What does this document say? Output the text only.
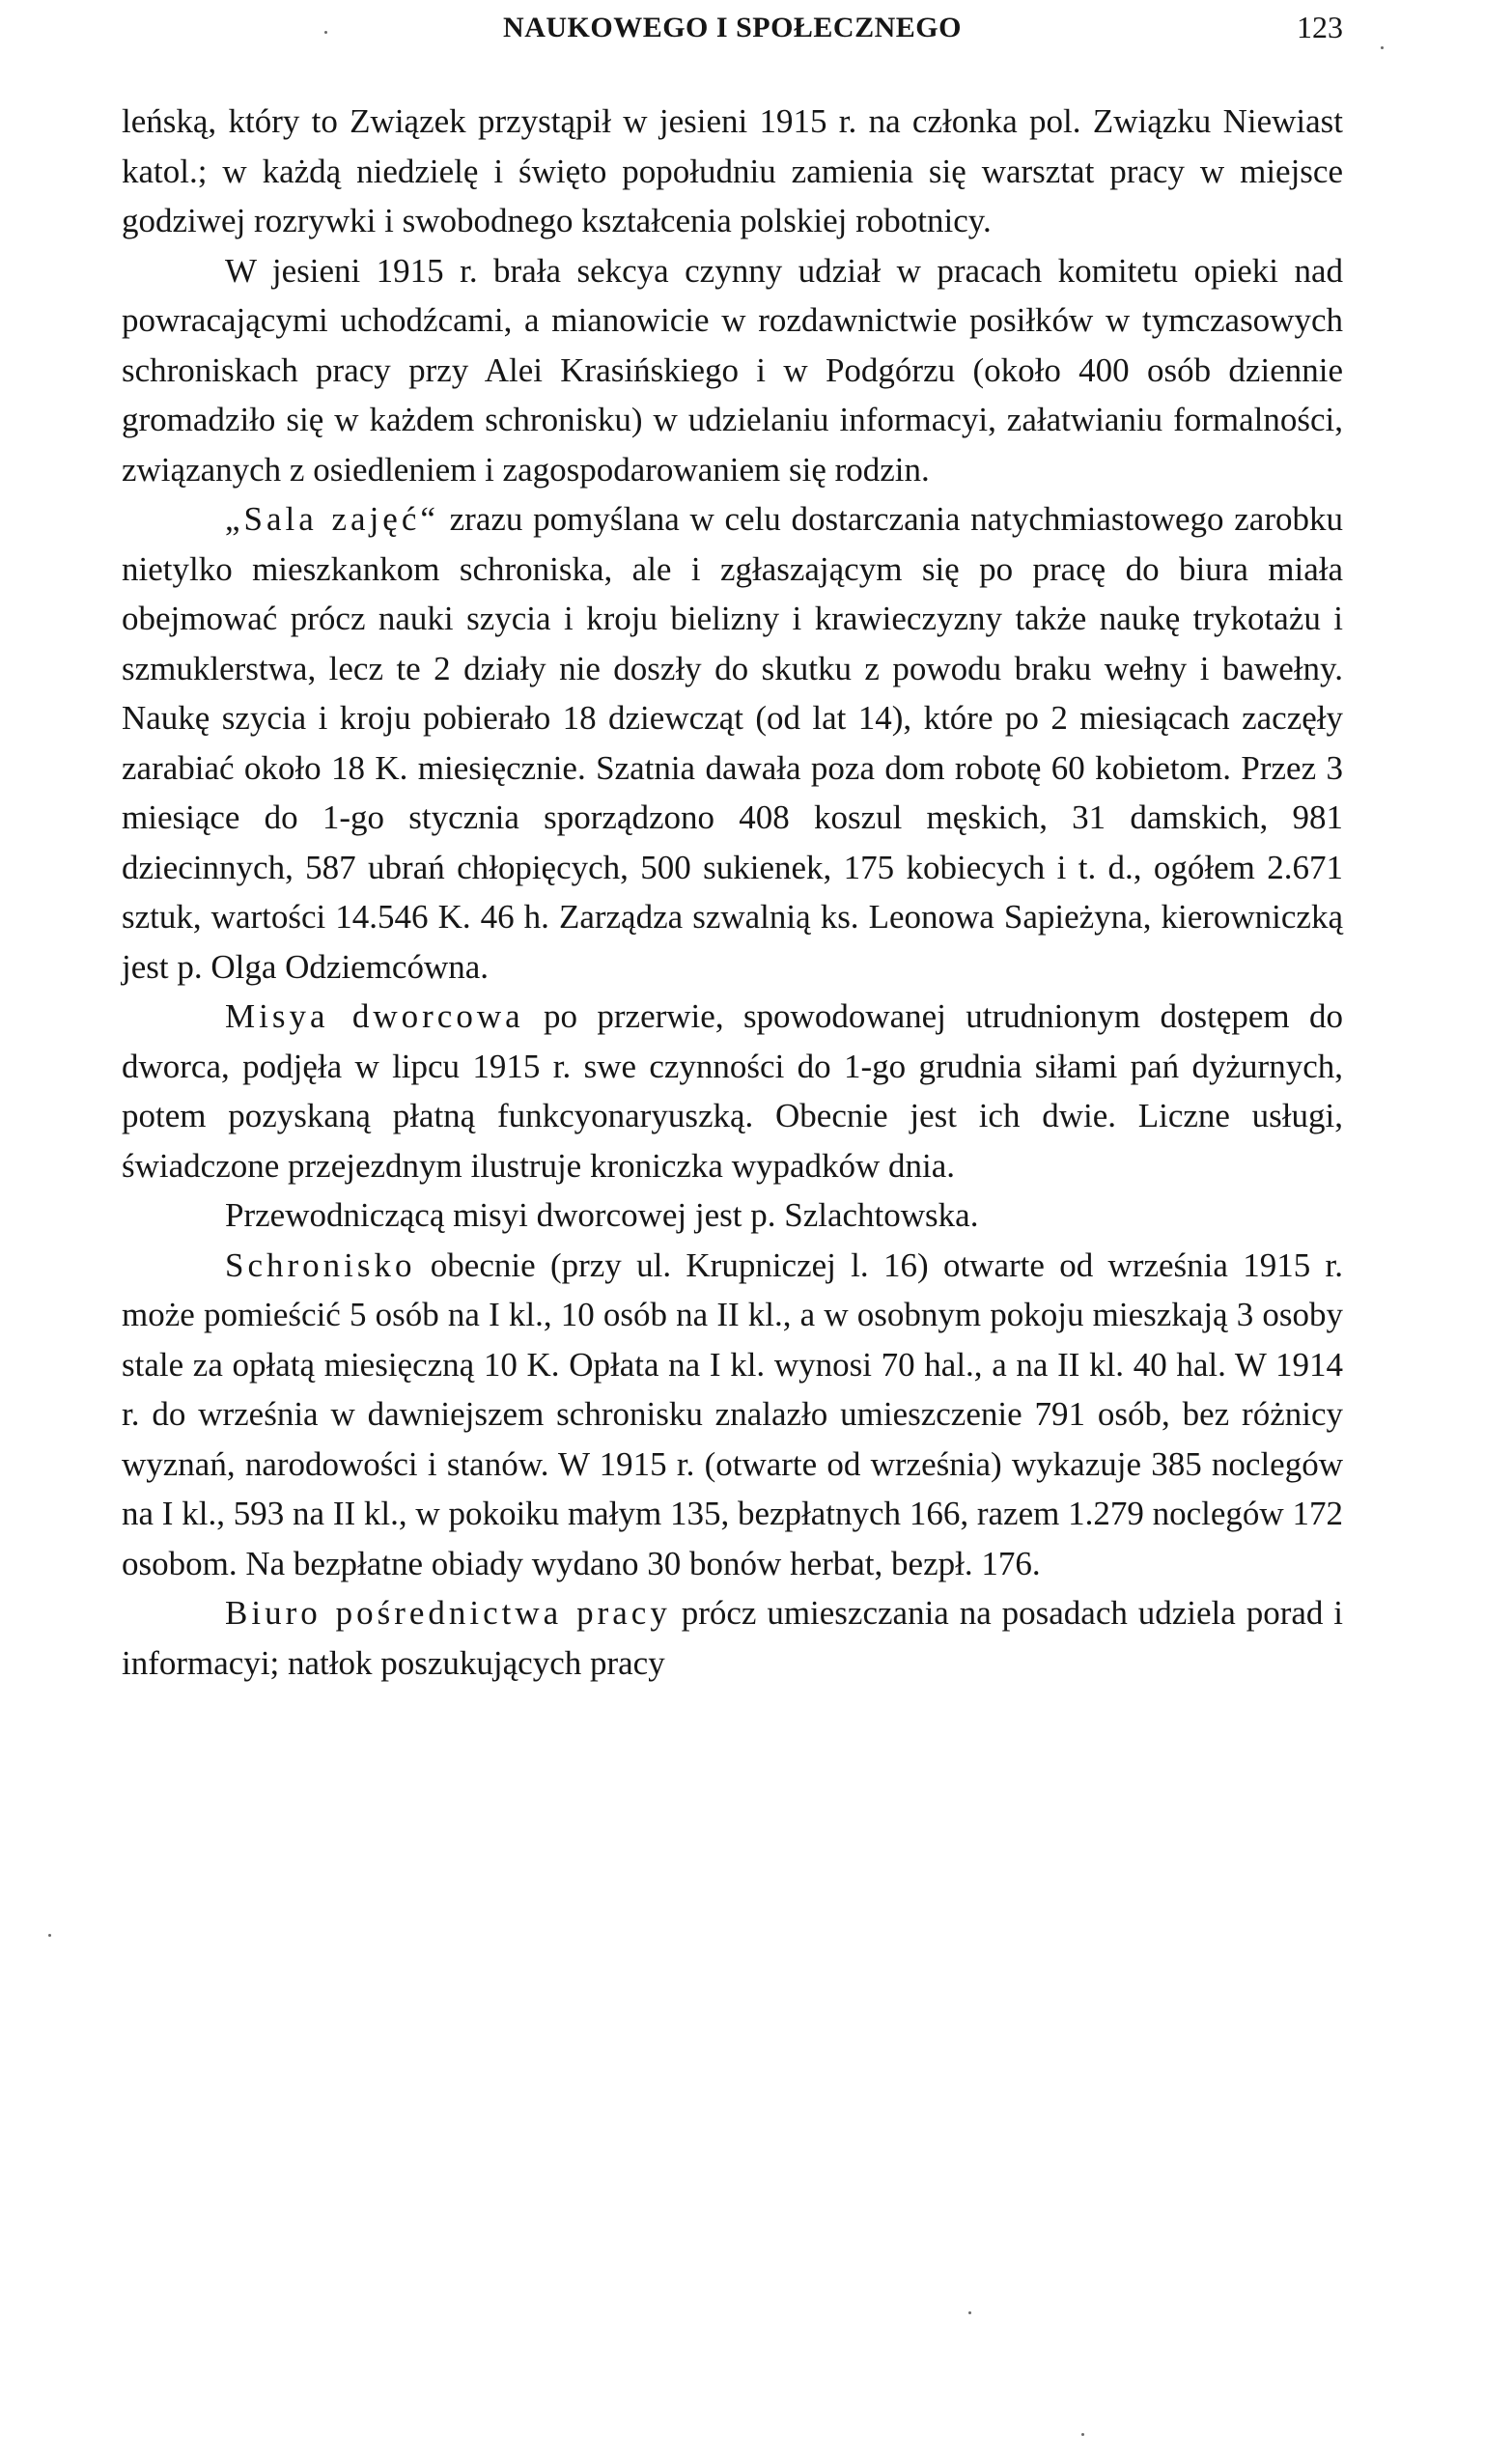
NAUKOWEGO I SPOŁECZNEGO	123

leńską, który to Związek przystąpił w jesieni 1915 r. na członka pol. Związku Niewiast katol.; w każdą niedzielę i święto popołudniu zamienia się warsztat pracy w miejsce godziwej rozrywki i swobodnego kształcenia polskiej robotnicy.

W jesieni 1915 r. brała sekcya czynny udział w pracach komitetu opieki nad powracającymi uchodźcami, a mianowicie w rozdawnictwie posiłków w tymczasowych schroniskach pracy przy Alei Krasińskiego i w Podgórzu (około 400 osób dziennie gromadziło się w każdem schronisku) w udzielaniu informacyi, załatwianiu formalności, związanych z osiedleniem i zagospodarowaniem się rodzin.

„Sala zajęć“ zrazu pomyślana w celu dostarczania natychmiastowego zarobku nietylko mieszkankom schroniska, ale i zgłaszającym się po pracę do biura miała obejmować prócz nauki szycia i kroju bielizny i krawieczyzny także naukę trykotażu i szmuklerstwa, lecz te 2 działy nie doszły do skutku z powodu braku wełny i bawełny. Naukę szycia i kroju pobierało 18 dziewcząt (od lat 14), które po 2 miesiącach zaczęły zarabiać około 18 K. miesięcznie. Szatnia dawała poza dom robotę 60 kobietom. Przez 3 miesiące do 1-go stycznia sporządzono 408 koszul męskich, 31 damskich, 981 dziecinnych, 587 ubrań chłopięcych, 500 sukienek, 175 kobiecych i t. d., ogółem 2.671 sztuk, wartości 14.546 K. 46 h. Zarządza szwalnią ks. Leonowa Sapieżyna, kierowniczką jest p. Olga Odziemcówna.

Misya dworcowa po przerwie, spowodowanej utrudnionym dostępem do dworca, podjęła w lipcu 1915 r. swe czynności do 1-go grudnia siłami pań dyżurnych, potem pozyskaną płatną funkcyonaryuszką. Obecnie jest ich dwie. Liczne usługi, świadczone przejezdnym ilustruje kroniczka wypadków dnia.

Przewodniczącą misyi dworcowej jest p. Szlachtowska.

Schronisko obecnie (przy ul. Krupniczej l. 16) otwarte od września 1915 r. może pomieścić 5 osób na I kl., 10 osób na II kl., a w osobnym pokoju mieszkają 3 osoby stale za opłatą miesięczną 10 K. Opłata na I kl. wynosi 70 hal., a na II kl. 40 hal. W 1914 r. do września w dawniejszem schronisku znalazło umieszczenie 791 osób, bez różnicy wyznań, narodowości i stanów. W 1915 r. (otwarte od września) wykazuje 385 noclegów na I kl., 593 na II kl., w pokoiku małym 135, bezpłatnych 166, razem 1.279 noclegów 172 osobom. Na bezpłatne obiady wydano 30 bonów herbat, bezpł. 176.

Biuro pośrednictwa pracy prócz umieszczania na posadach udziela porad i informacyi; natłok poszukujących pracy
